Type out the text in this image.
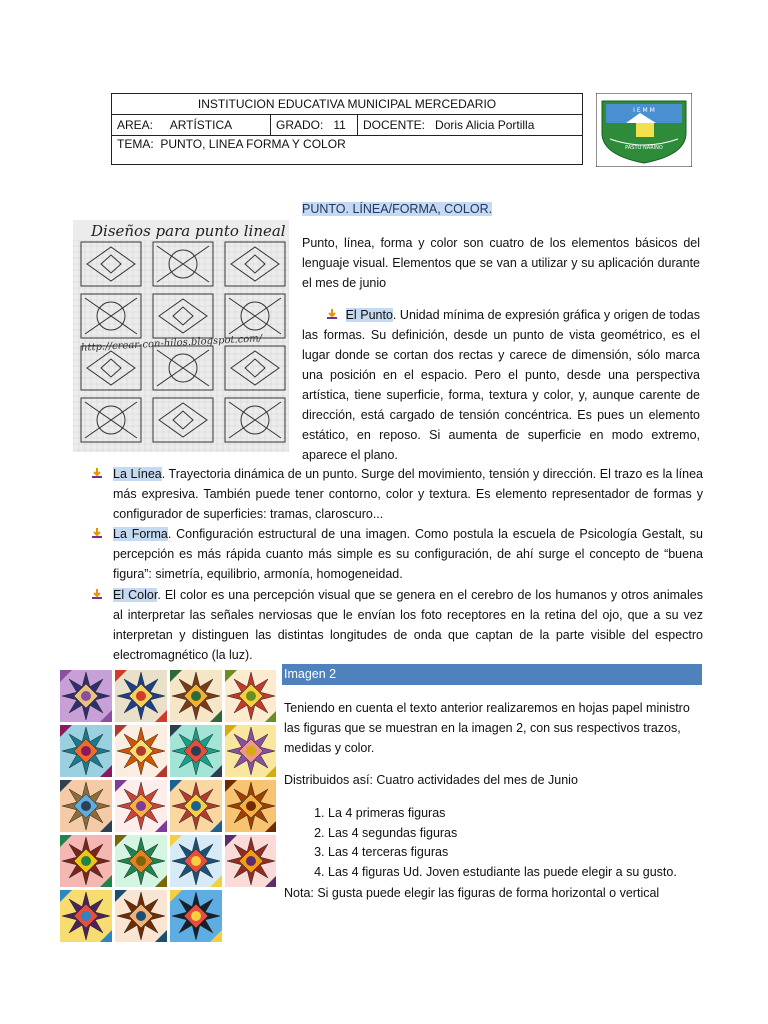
INSTITUCION EDUCATIVA MUNICIPAL MERCEDARIO
AREA: ARTÍSTICA	GRADO: 11	DOCENTE: Doris Alicia Portilla
TEMA: PUNTO, LINEA FORMA Y COLOR
I E M M
PASTO NARIÑO
Diseños para punto lineal
http://crear-con-hilos.blogspot.com/
PUNTO. LÍNEA/FORMA, COLOR.
Punto, línea, forma y color son cuatro de los elementos básicos del lenguaje visual. Elementos que se van a utilizar y su aplicación durante el mes de junio
El Punto. Unidad mínima de expresión gráfica y origen de todas las formas. Su definición, desde un punto de vista geométrico, es el lugar donde se cortan dos rectas y carece de dimensión, sólo marca una posición en el espacio. Pero el punto, desde una perspectiva artística, tiene superficie, forma, textura y color, y, aunque carente de dirección, está cargado de tensión concéntrica. Es pues un elemento estático, en reposo. Si aumenta de superficie en modo extremo, aparece el plano.
La Línea. Trayectoria dinámica de un punto. Surge del movimiento, tensión y dirección. El trazo es la línea más expresiva. También puede tener contorno, color y textura. Es elemento representador de formas y configurador de superficies: tramas, claroscuro...
La Forma. Configuración estructural de una imagen. Como postula la escuela de Psicología Gestalt, su percepción es más rápida cuanto más simple es su configuración, de ahí surge el concepto de “buena figura”: simetría, equilibrio, armonía, homogeneidad.
El Color. El color es una percepción visual que se genera en el cerebro de los humanos y otros animales al interpretar las señales nerviosas que le envían los foto receptores en la retina del ojo, que a su vez interpretan y distinguen las distintas longitudes de onda que captan de la parte visible del espectro electromagnético (la luz).
Imagen 2
Teniendo en cuenta el texto anterior realizaremos en hojas papel ministro las figuras que se muestran en la imagen 2, con sus respectivos trazos, medidas y color.
Distribuidos así: Cuatro actividades del mes de Junio
1. La 4 primeras figuras
2. Las 4 segundas figuras
3. Las 4 terceras figuras
4. Las 4 figuras Ud. Joven estudiante las puede elegir a su gusto.
Nota: Si gusta puede elegir las figuras de forma horizontal o vertical
